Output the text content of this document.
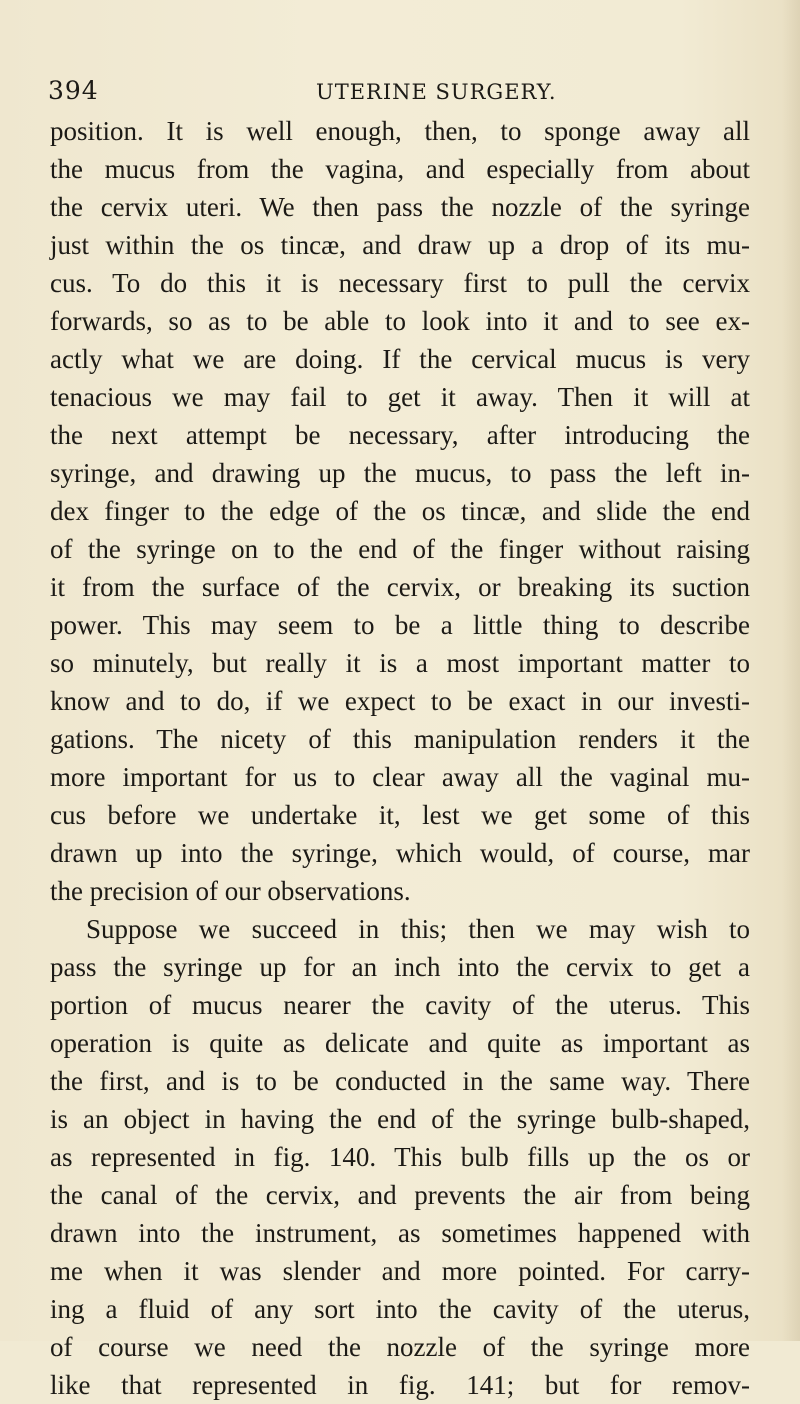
394	UTERINE SURGERY.
position. It is well enough, then, to sponge away all
the mucus from the vagina, and especially from about
the cervix uteri. We then pass the nozzle of the syringe
just within the os tincæ, and draw up a drop of its mu-
cus. To do this it is necessary first to pull the cervix
forwards, so as to be able to look into it and to see ex-
actly what we are doing. If the cervical mucus is very
tenacious we may fail to get it away. Then it will at
the next attempt be necessary, after introducing the
syringe, and drawing up the mucus, to pass the left in-
dex finger to the edge of the os tincæ, and slide the end
of the syringe on to the end of the finger without raising
it from the surface of the cervix, or breaking its suction
power. This may seem to be a little thing to describe
so minutely, but really it is a most important matter to
know and to do, if we expect to be exact in our investi-
gations. The nicety of this manipulation renders it the
more important for us to clear away all the vaginal mu-
cus before we undertake it, lest we get some of this
drawn up into the syringe, which would, of course, mar
the precision of our observations.
Suppose we succeed in this; then we may wish to
pass the syringe up for an inch into the cervix to get a
portion of mucus nearer the cavity of the uterus. This
operation is quite as delicate and quite as important as
the first, and is to be conducted in the same way. There
is an object in having the end of the syringe bulb-shaped,
as represented in fig. 140. This bulb fills up the os or
the canal of the cervix, and prevents the air from being
drawn into the instrument, as sometimes happened with
me when it was slender and more pointed. For carry-
ing a fluid of any sort into the cavity of the uterus,
of course we need the nozzle of the syringe more
like that represented in fig. 141; but for remov-
